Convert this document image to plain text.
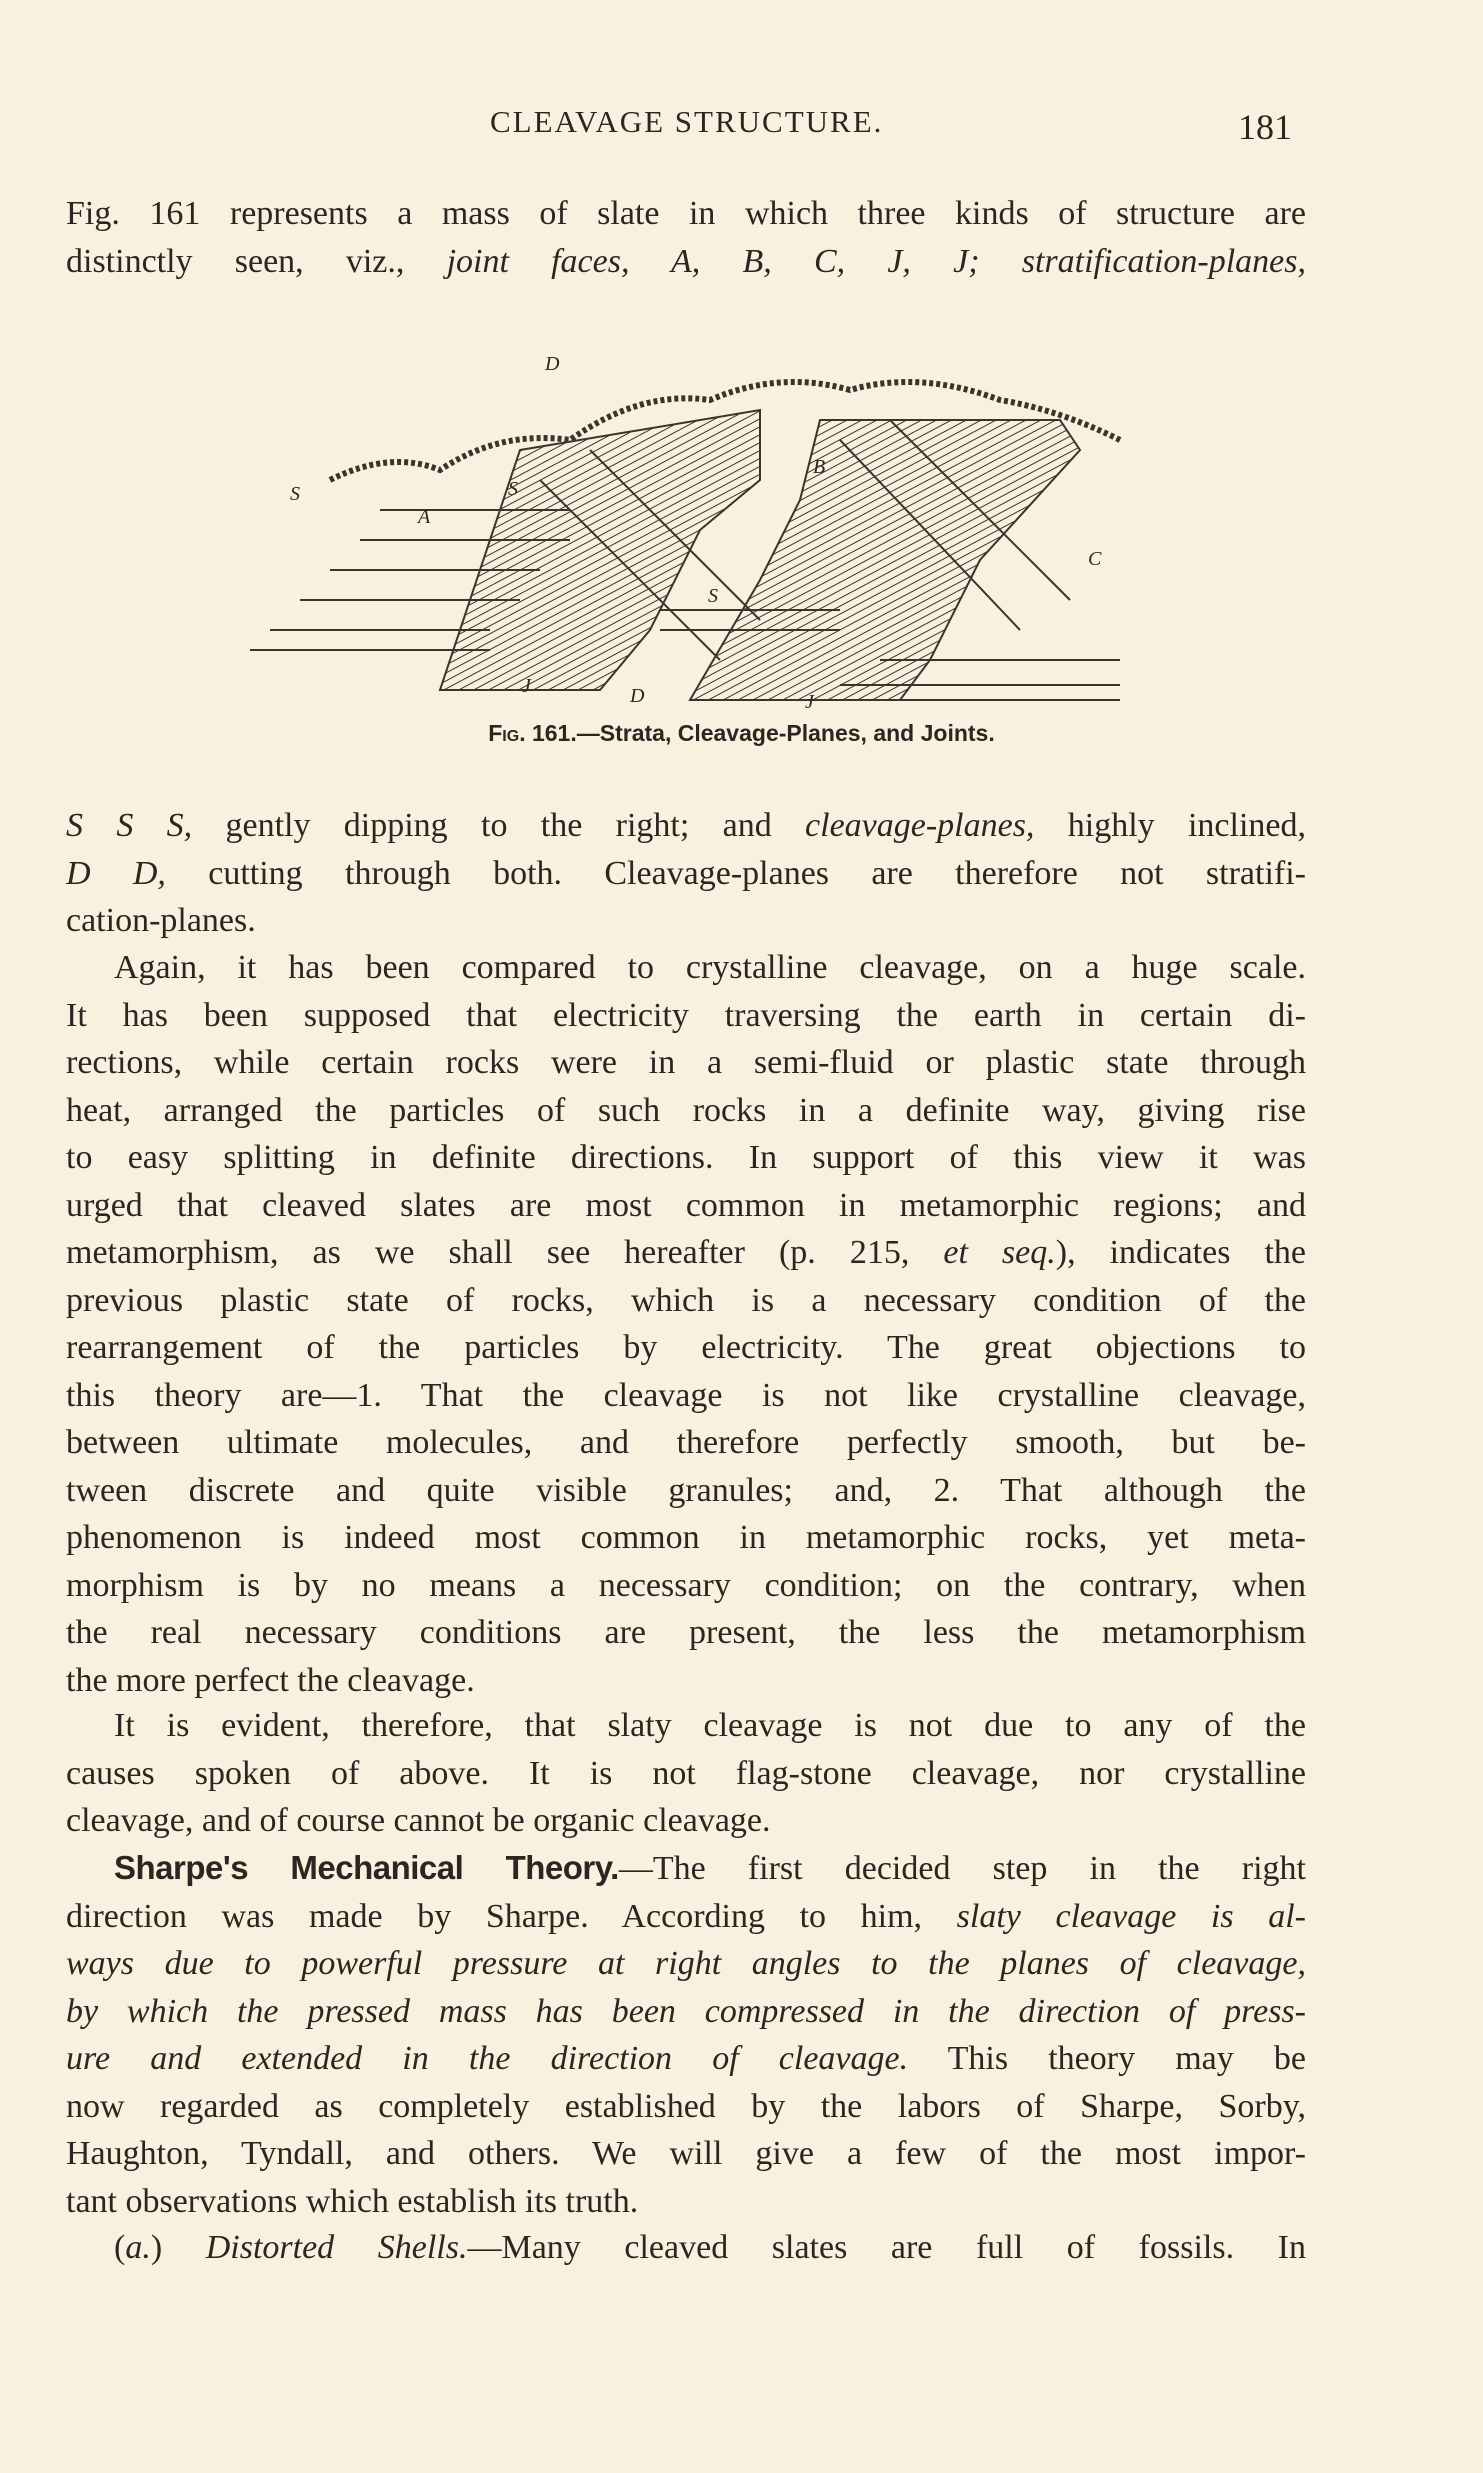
CLEAVAGE STRUCTURE.	181
Fig. 161 represents a mass of slate in which three kinds of structure are
distinctly seen, viz., joint faces, A, B, C, J, J; stratification-planes,
D
S
A
S
B
S
C
J	D	J
Fig. 161.—Strata, Cleavage-Planes, and Joints.
S S S, gently dipping to the right; and cleavage-planes, highly inclined,
D D, cutting through both. Cleavage-planes are therefore not stratifi-
cation-planes.
Again, it has been compared to crystalline cleavage, on a huge scale.
It has been supposed that electricity traversing the earth in certain di-
rections, while certain rocks were in a semi-fluid or plastic state through
heat, arranged the particles of such rocks in a definite way, giving rise
to easy splitting in definite directions. In support of this view it was
urged that cleaved slates are most common in metamorphic regions; and
metamorphism, as we shall see hereafter (p. 215, et seq.), indicates the
previous plastic state of rocks, which is a necessary condition of the
rearrangement of the particles by electricity. The great objections to
this theory are—1. That the cleavage is not like crystalline cleavage,
between ultimate molecules, and therefore perfectly smooth, but be-
tween discrete and quite visible granules; and, 2. That although the
phenomenon is indeed most common in metamorphic rocks, yet meta-
morphism is by no means a necessary condition; on the contrary, when
the real necessary conditions are present, the less the metamorphism
the more perfect the cleavage.
It is evident, therefore, that slaty cleavage is not due to any of the
causes spoken of above. It is not flag-stone cleavage, nor crystalline
cleavage, and of course cannot be organic cleavage.
Sharpe's Mechanical Theory.—The first decided step in the right
direction was made by Sharpe. According to him, slaty cleavage is al-
ways due to powerful pressure at right angles to the planes of cleavage,
by which the pressed mass has been compressed in the direction of press-
ure and extended in the direction of cleavage. This theory may be
now regarded as completely established by the labors of Sharpe, Sorby,
Haughton, Tyndall, and others. We will give a few of the most impor-
tant observations which establish its truth.
(a.) Distorted Shells.—Many cleaved slates are full of fossils. In
